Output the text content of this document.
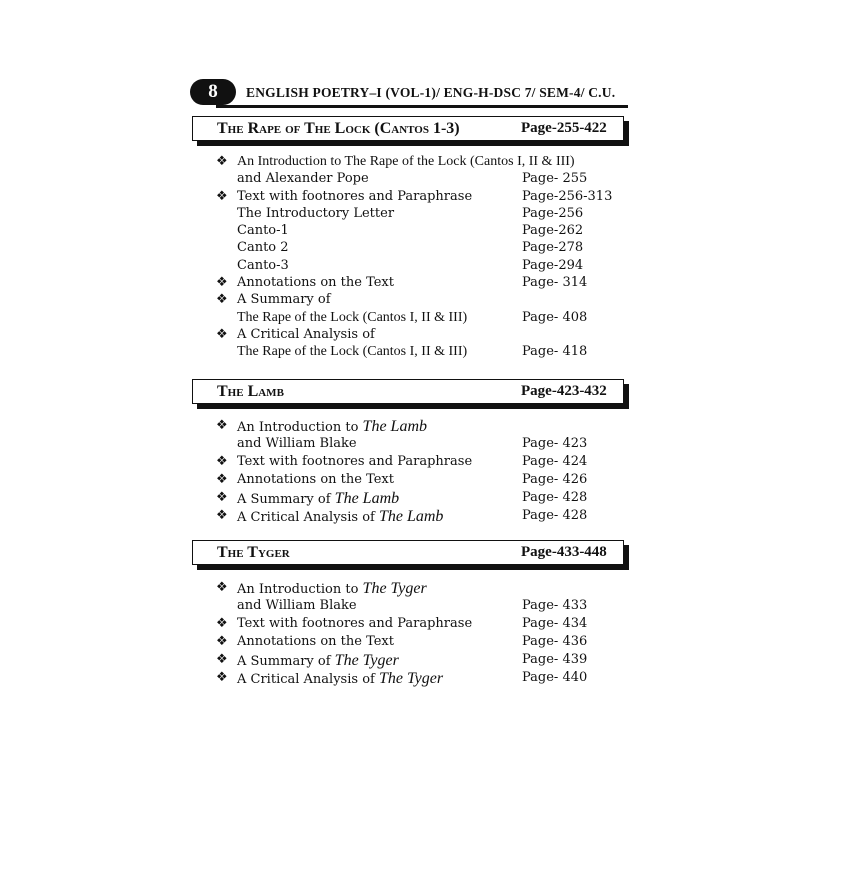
8	ENGLISH POETRY–I (VOL-1)/ ENG-H-DSC 7/ SEM-4/ C.U.
The Rape of The Lock (Cantos 1-3)	Page-255-422
❖ An Introduction to The Rape of the Lock (Cantos I, II & III)
and Alexander Pope	Page- 255
❖ Text with footnores and Paraphrase	Page-256-313
The Introductory Letter	Page-256
Canto-1	Page-262
Canto 2	Page-278
Canto-3	Page-294
❖ Annotations on the Text	Page- 314
❖ A Summary of
The Rape of the Lock (Cantos I, II & III)	Page- 408
❖ A Critical Analysis of
The Rape of the Lock (Cantos I, II & III)	Page- 418
The Lamb	Page-423-432
❖ An Introduction to The Lamb
and William Blake	Page- 423
❖ Text with footnores and Paraphrase	Page- 424
❖ Annotations on the Text	Page- 426
❖ A Summary of The Lamb	Page- 428
❖ A Critical Analysis of The Lamb	Page- 428
The Tyger	Page-433-448
❖ An Introduction to The Tyger
and William Blake	Page- 433
❖ Text with footnores and Paraphrase	Page- 434
❖ Annotations on the Text	Page- 436
❖ A Summary of The Tyger	Page- 439
❖ A Critical Analysis of The Tyger	Page- 440
